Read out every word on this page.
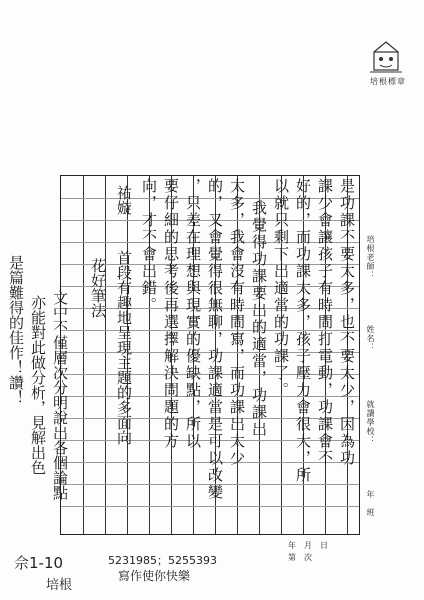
培根標章
是功課不要太多，也不要太少，因為功
課少會讓孩子有時間打電動，功課會不
好的，而功課太多，孩子壓力會很大，所
以就只剩下出適當的功課了。
我覺得功課要出的適當，功課出
太多，我會沒有時間寫，而功課出太少
的，又會覺得很無聊，功課適當是可以改變
，只差在理想與現實的優缺點，所以
要仔細的思考後再選擇解決問題的方
向，才不會出錯。	培根老師：
姓名：
就讀學校：
年　班
年　月　日
第　次
祐嫙
首段有趣地呈現主題的多面向
花好筆法
文中不僅層次分明說出各個論點
亦能對此做分析，見解出色
是篇難得的佳作！讚！
佘1-10
培根
5231985；5255393
寫作使你快樂
